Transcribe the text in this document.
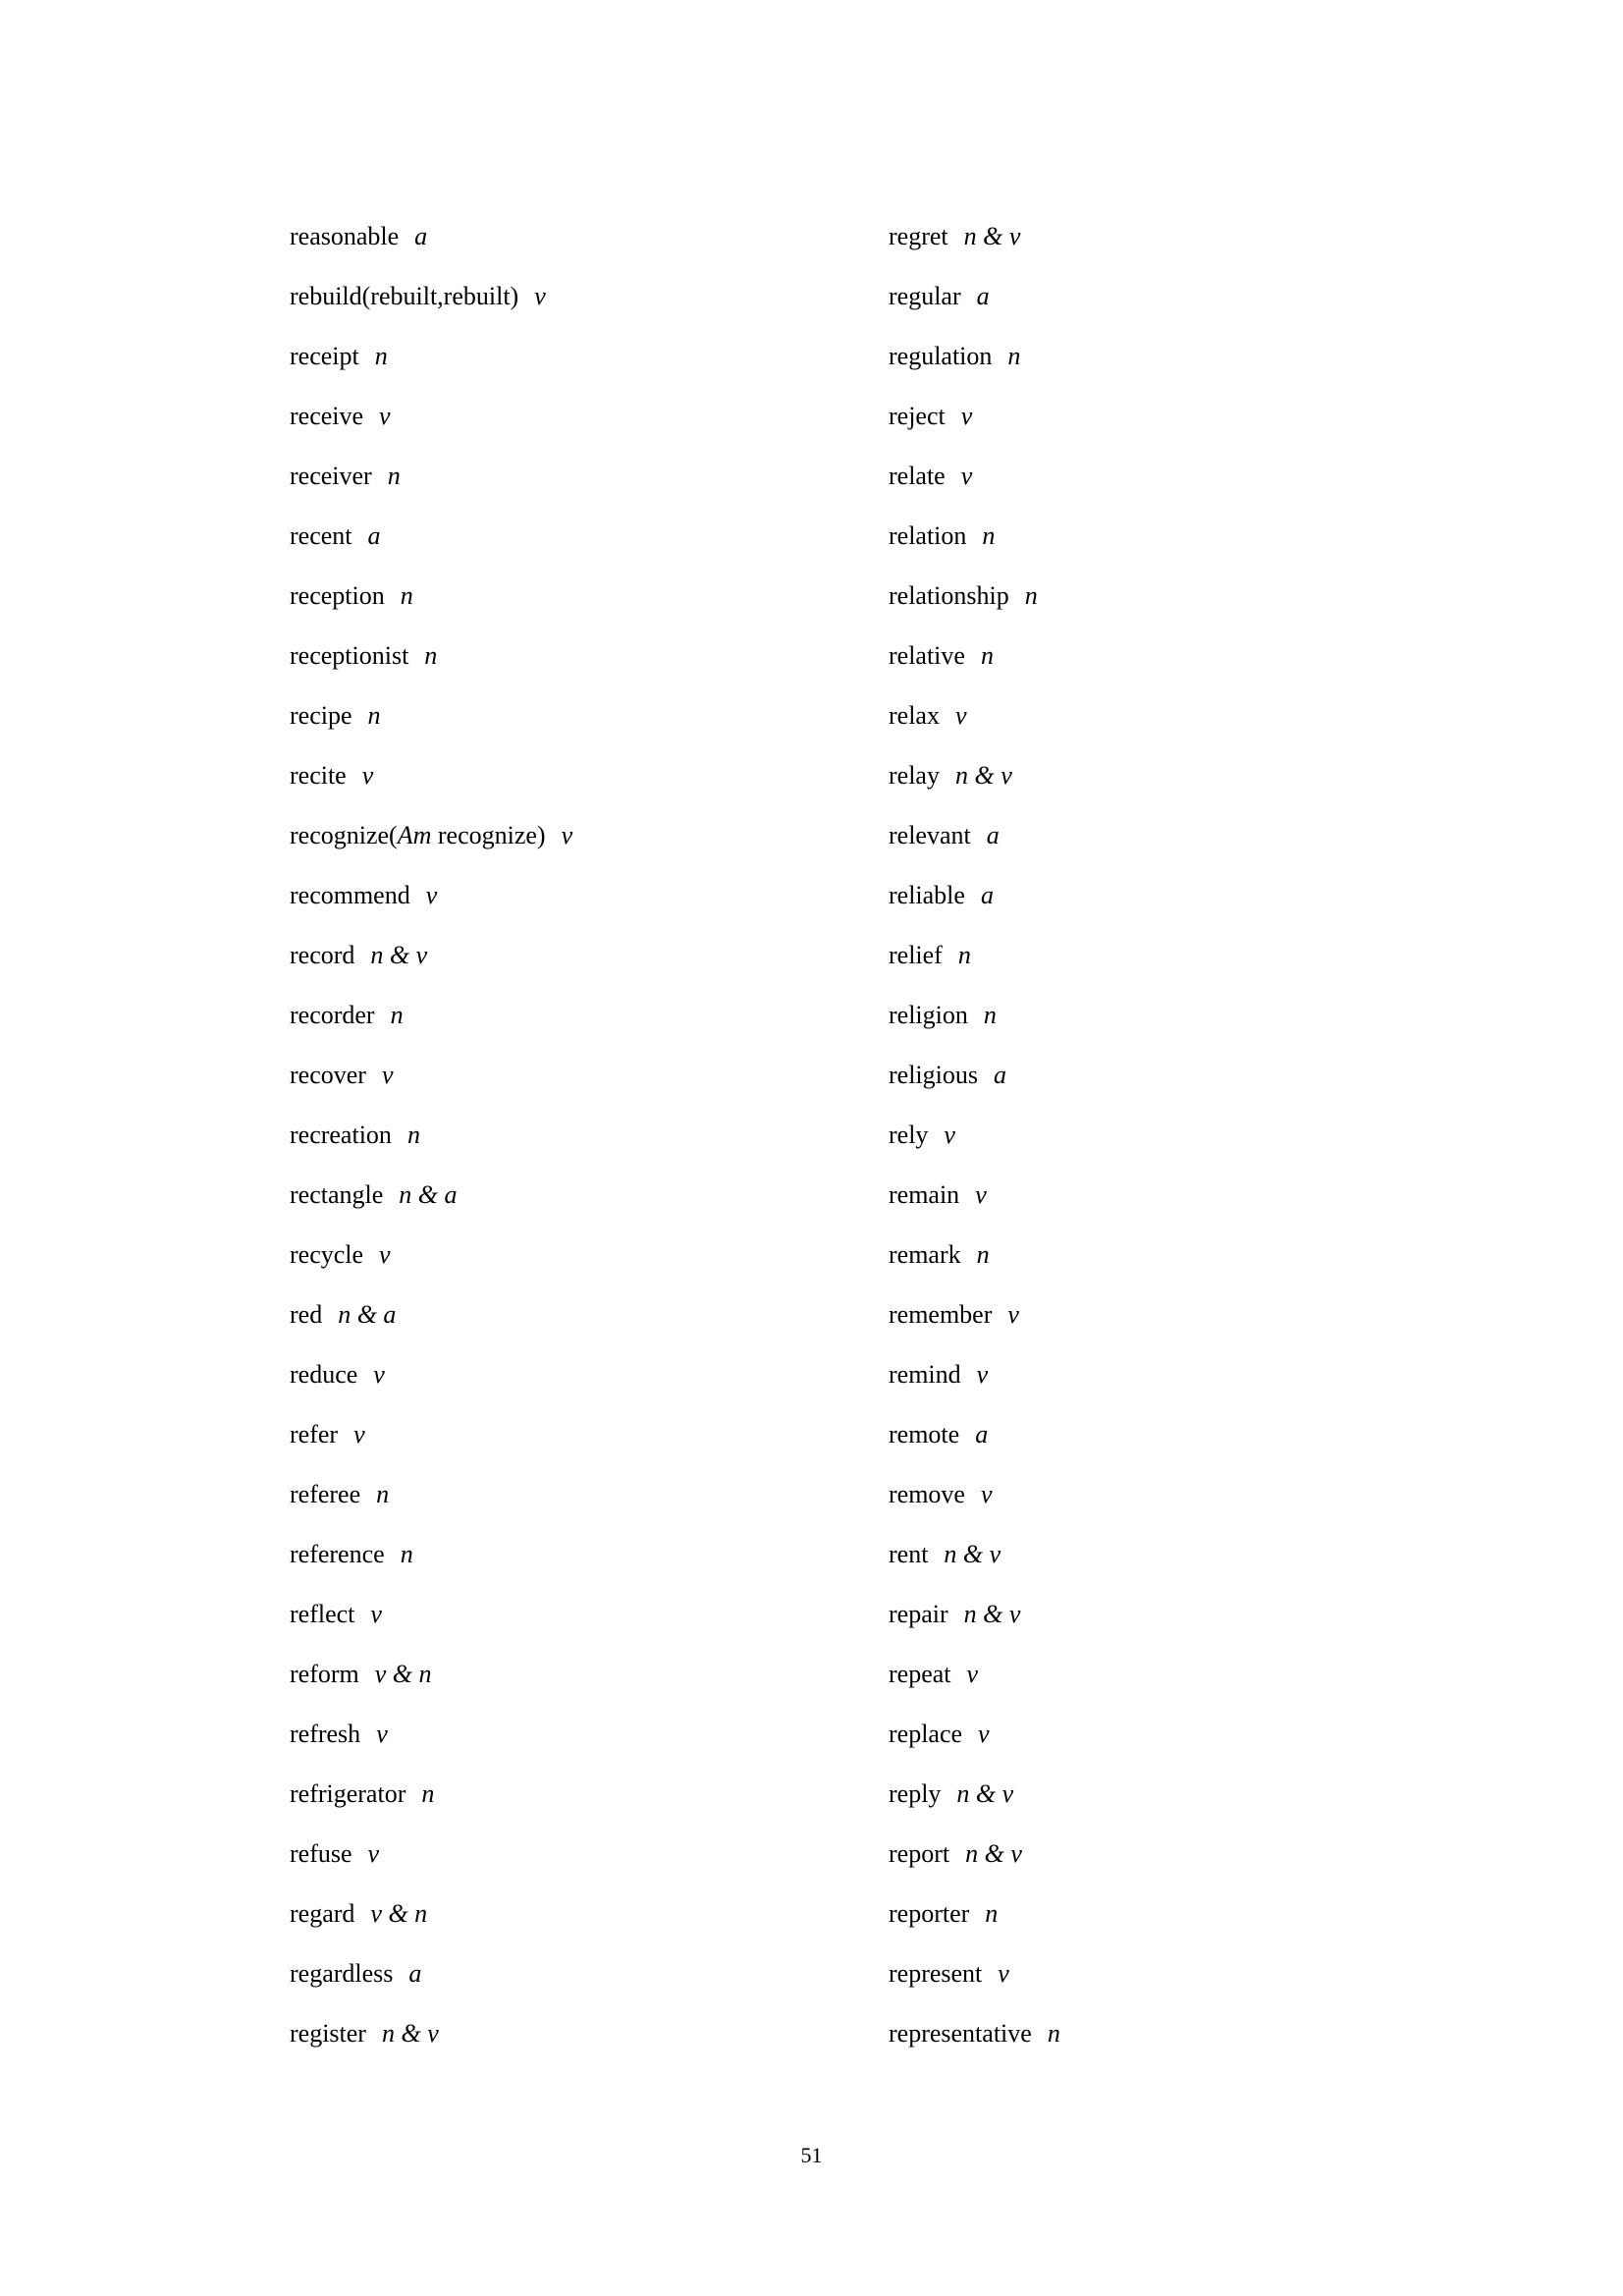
reasonable a
rebuild(rebuilt,rebuilt) v
receipt n
receive v
receiver n
recent a
reception n
receptionist n
recipe n
recite v
recognize(Am recognize) v
recommend v
record n & v
recorder n
recover v
recreation n
rectangle n & a
recycle v
red n & a
reduce v
refer v
referee n
reference n
reflect v
reform v & n
refresh v
refrigerator n
refuse v
regard v & n
regardless a
register n & v
regret n & v
regular a
regulation n
reject v
relate v
relation n
relationship n
relative n
relax v
relay n & v
relevant a
reliable a
relief n
religion n
religious a
rely v
remain v
remark n
remember v
remind v
remote a
remove v
rent n & v
repair n & v
repeat v
replace v
reply n & v
report n & v
reporter n
represent v
representative n
51
